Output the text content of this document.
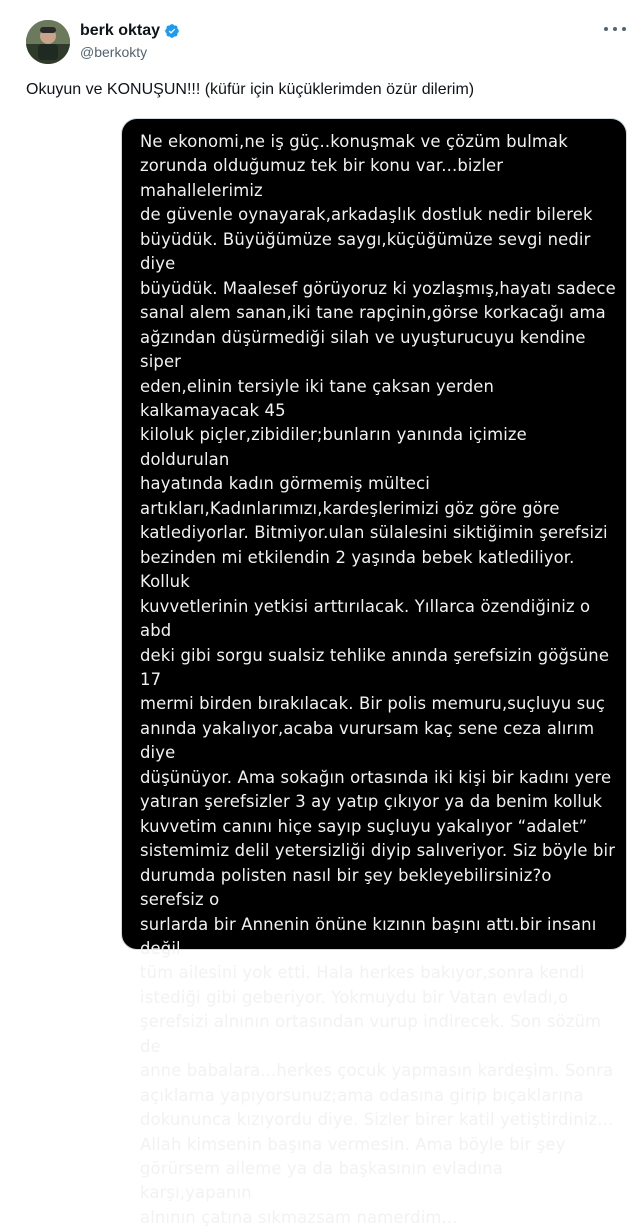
berk oktay
@berkokty
Okuyun ve KONUŞUN!!! (küfür için küçüklerimden özür dilerim)
Ne ekonomi,ne iş güç..konuşmak ve çözüm bulmak
zorunda olduğumuz tek bir konu var...bizler mahallelerimiz
de güvenle oynayarak,arkadaşlık dostluk nedir bilerek
büyüdük. Büyüğümüze saygı,küçüğümüze sevgi nedir diye
büyüdük. Maalesef görüyoruz ki yozlaşmış,hayatı sadece
sanal alem sanan,iki tane rapçinin,görse korkacağı ama
ağzından düşürmediği silah ve uyuşturucuyu kendine siper
eden,elinin tersiyle iki tane çaksan yerden kalkamayacak 45
kiloluk piçler,zibidiler;bunların yanında içimize doldurulan
hayatında kadın görmemiş mülteci
artıkları,Kadınlarımızı,kardeşlerimizi göz göre göre
katlediyorlar. Bitmiyor.ulan sülalesini siktiğimin şerefsizi
bezinden mi etkilendin 2 yaşında bebek katlediliyor. Kolluk
kuvvetlerinin yetkisi arttırılacak. Yıllarca özendiğiniz o abd
deki gibi sorgu sualsiz tehlike anında şerefsizin göğsüne 17
mermi birden bırakılacak. Bir polis memuru,suçluyu suç
anında yakalıyor,acaba vurursam kaç sene ceza alırım diye
düşünüyor. Ama sokağın ortasında iki kişi bir kadını yere
yatıran şerefsizler 3 ay yatıp çıkıyor ya da benim kolluk
kuvvetim canını hiçe sayıp suçluyu yakalıyor “adalet”
sistemimiz delil yetersizliği diyip salıveriyor. Siz böyle bir
durumda polisten nasıl bir şey bekleyebilirsiniz?o serefsiz o
surlarda bir Annenin önüne kızının başını attı.bir insanı değil
tüm ailesini yok etti. Hala herkes bakıyor,sonra kendi
istediği gibi geberiyor. Yokmuydu bir Vatan evladı,o
şerefsizi alnının ortasından vurup indirecek. Son sözüm de
anne babalara...herkes çocuk yapmasın kardeşim. Sonra
açıklama yapıyorsunuz;ama odasına girip bıçaklarına
dokununca kızıyordu diye. Sizler birer katil yetiştirdiniz...
Allah kimsenin başına vermesin. Ama böyle bir şey
görürsem aileme ya da başkasının evladına karşı,yapanın
alnının çatına sıkmazsam namerdim...
